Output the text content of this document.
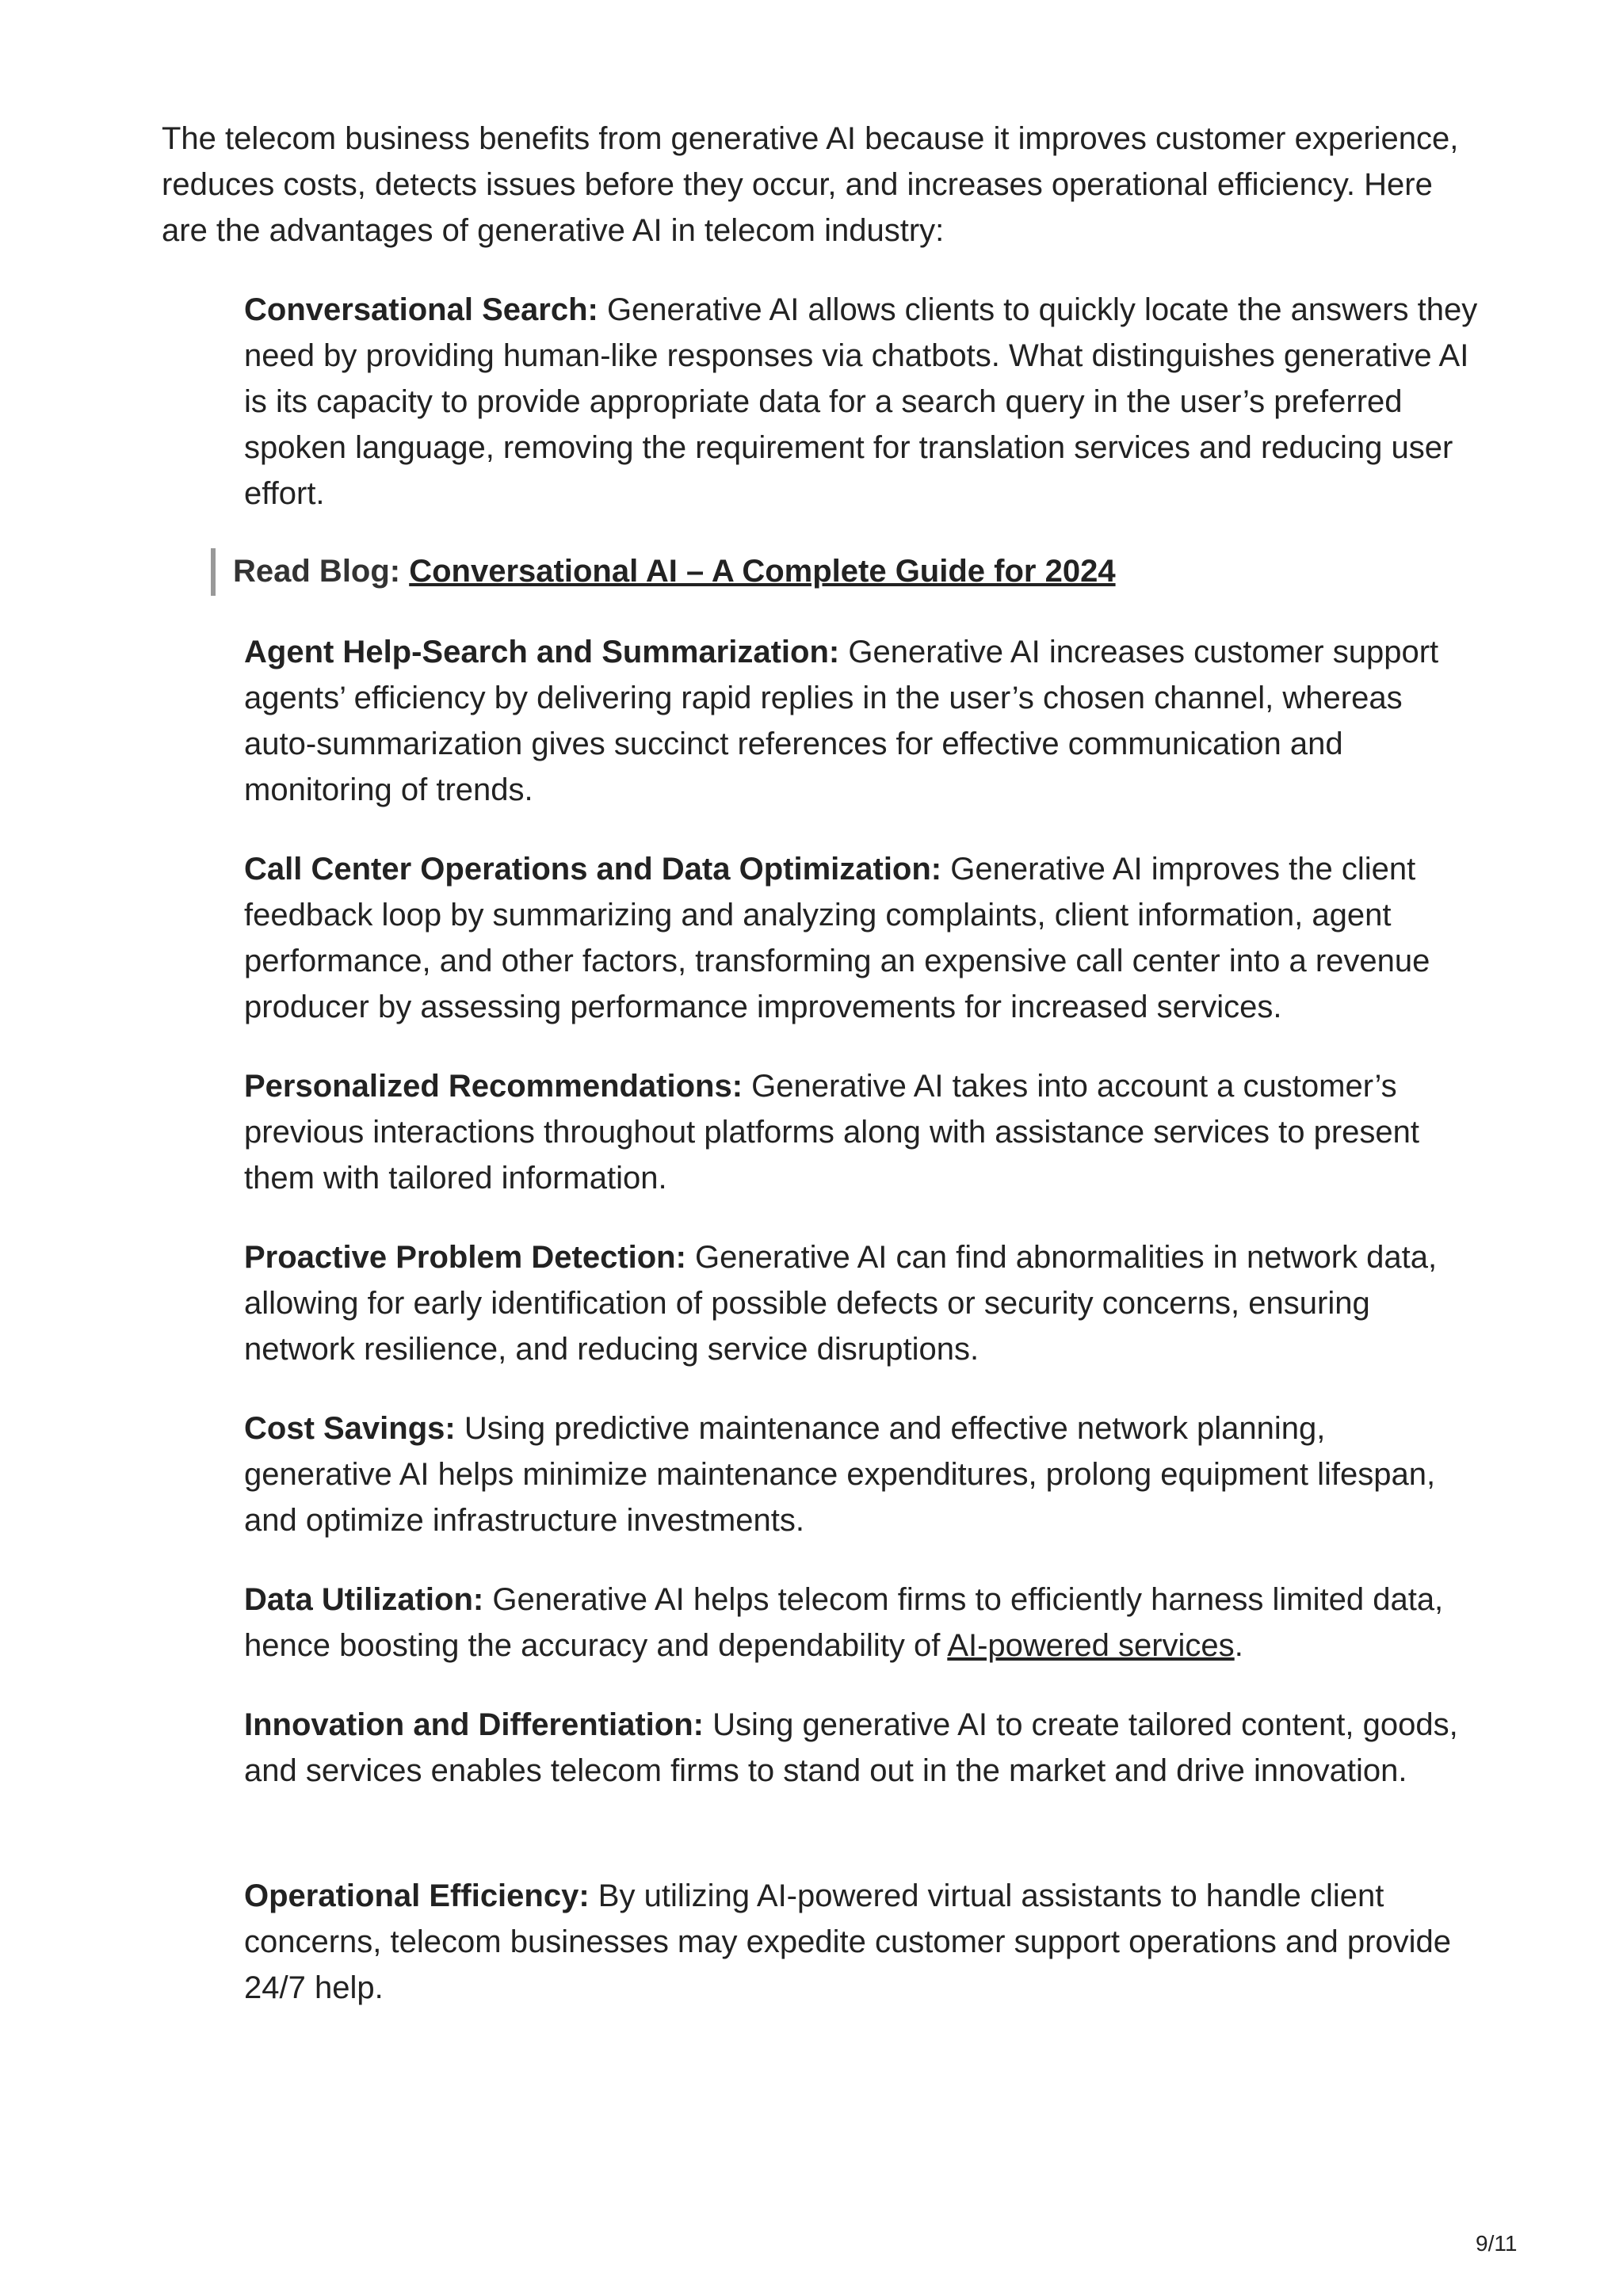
The telecom business benefits from generative AI because it improves customer experience, reduces costs, detects issues before they occur, and increases operational efficiency. Here are the advantages of generative AI in telecom industry:

Conversational Search: Generative AI allows clients to quickly locate the answers they need by providing human-like responses via chatbots. What distinguishes generative AI is its capacity to provide appropriate data for a search query in the user’s preferred spoken language, removing the requirement for translation services and reducing user effort.

Read Blog: Conversational AI – A Complete Guide for 2024

Agent Help-Search and Summarization: Generative AI increases customer support agents’ efficiency by delivering rapid replies in the user’s chosen channel, whereas auto-summarization gives succinct references for effective communication and monitoring of trends.

Call Center Operations and Data Optimization: Generative AI improves the client feedback loop by summarizing and analyzing complaints, client information, agent performance, and other factors, transforming an expensive call center into a revenue producer by assessing performance improvements for increased services.

Personalized Recommendations: Generative AI takes into account a customer’s previous interactions throughout platforms along with assistance services to present them with tailored information.

Proactive Problem Detection: Generative AI can find abnormalities in network data, allowing for early identification of possible defects or security concerns, ensuring network resilience, and reducing service disruptions.

Cost Savings: Using predictive maintenance and effective network planning, generative AI helps minimize maintenance expenditures, prolong equipment lifespan, and optimize infrastructure investments.

Data Utilization: Generative AI helps telecom firms to efficiently harness limited data, hence boosting the accuracy and dependability of AI-powered services.

Innovation and Differentiation: Using generative AI to create tailored content, goods, and services enables telecom firms to stand out in the market and drive innovation.

Operational Efficiency: By utilizing AI-powered virtual assistants to handle client concerns, telecom businesses may expedite customer support operations and provide 24/7 help.

9/11
